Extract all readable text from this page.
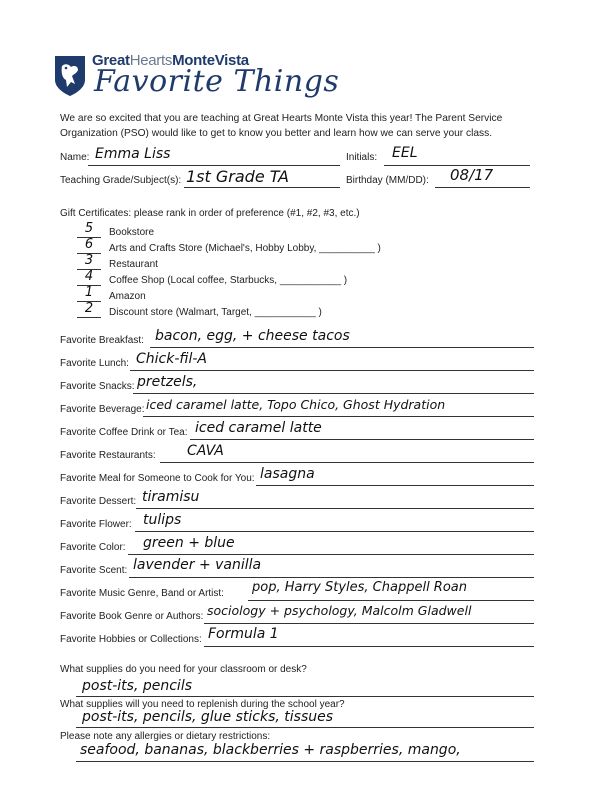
GreatHeartsMonteVista
Favorite Things
We are so excited that you are teaching at Great Hearts Monte Vista this year! The Parent Service Organization (PSO) would like to get to know you better and learn how we can serve your class.
Name: Emma Liss	Initials: EEL
Teaching Grade/Subject(s): 1st Grade TA	Birthday (MM/DD): 08/17
Gift Certificates: please rank in order of preference (#1, #2, #3, etc.)
5	Bookstore
6	Arts and Crafts Store (Michael's, Hobby Lobby, __________ )
3	Restaurant
4	Coffee Shop (Local coffee, Starbucks, ___________ )
1	Amazon
2	Discount store (Walmart, Target, ___________ )
Favorite Breakfast: bacon, egg, + cheese tacos
Favorite Lunch: Chick-fil-A
Favorite Snacks: pretzels,
Favorite Beverage: iced caramel latte, Topo Chico, Ghost Hydration
Favorite Coffee Drink or Tea: iced caramel latte
Favorite Restaurants: CAVA
Favorite Meal for Someone to Cook for You: lasagna
Favorite Dessert: tiramisu
Favorite Flower: tulips
Favorite Color: green + blue
Favorite Scent: lavender + vanilla
Favorite Music Genre, Band or Artist: pop, Harry Styles, Chappell Roan
Favorite Book Genre or Authors: sociology + psychology, Malcolm Gladwell
Favorite Hobbies or Collections: Formula 1
What supplies do you need for your classroom or desk?
post-its, pencils
What supplies will you need to replenish during the school year?
post-its, pencils, glue sticks, tissues
Please note any allergies or dietary restrictions:
seafood, bananas, blackberries + raspberries, mango,
